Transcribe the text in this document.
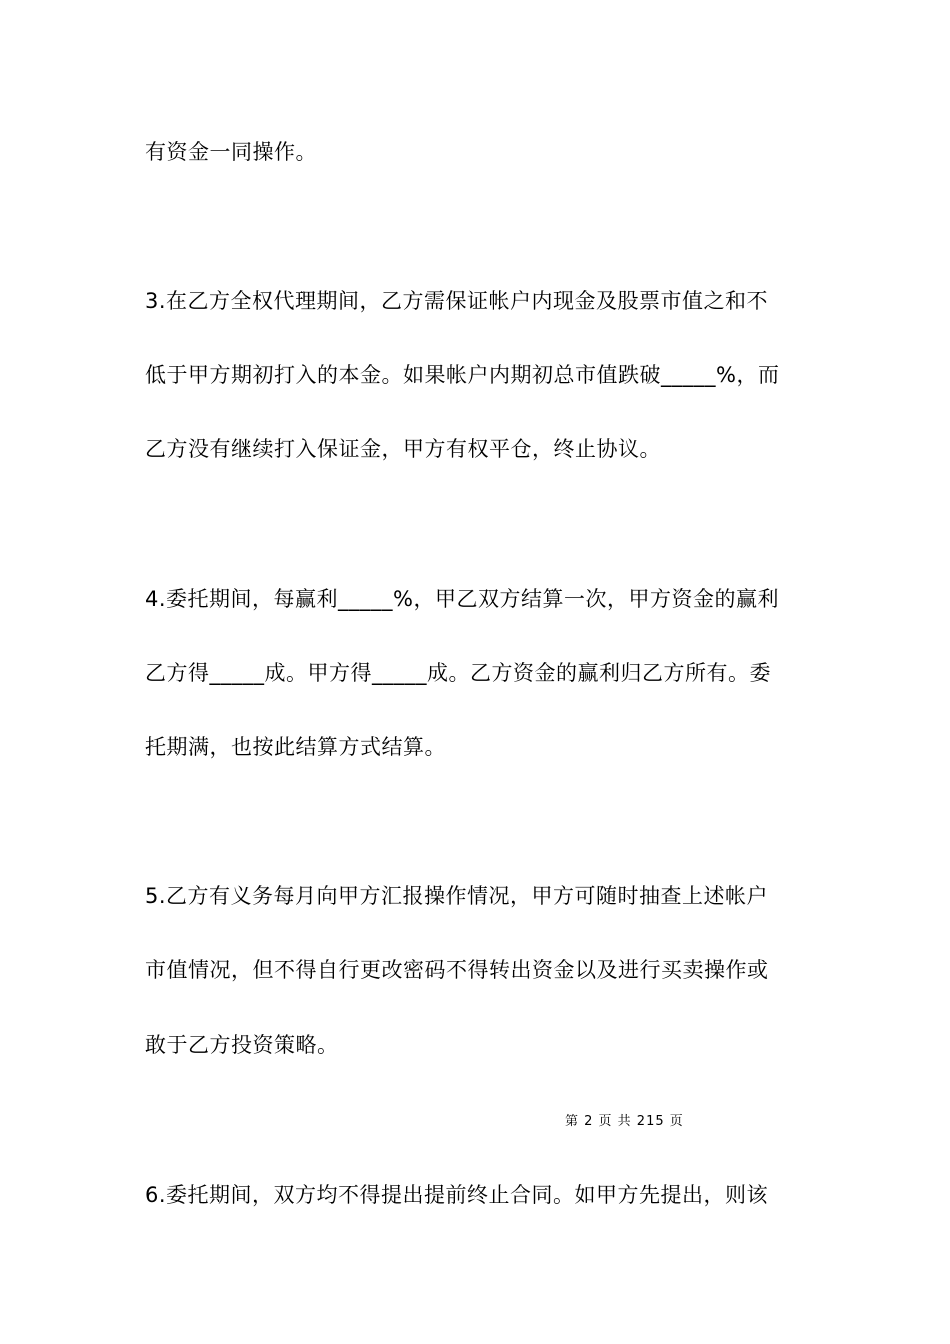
有资金一同操作。
3.在乙方全权代理期间，乙方需保证帐户内现金及股票市值之和不
低于甲方期初打入的本金。如果帐户内期初总市值跌破_____%，而
乙方没有继续打入保证金，甲方有权平仓，终止协议。
4.委托期间，每赢利_____%，甲乙双方结算一次，甲方资金的赢利
乙方得_____成。甲方得_____成。乙方资金的赢利归乙方所有。委
托期满，也按此结算方式结算。
5.乙方有义务每月向甲方汇报操作情况，甲方可随时抽查上述帐户
市值情况，但不得自行更改密码不得转出资金以及进行买卖操作或
敢于乙方投资策略。
第 2 页 共 215 页
6.委托期间，双方均不得提出提前终止合同。如甲方先提出，则该
